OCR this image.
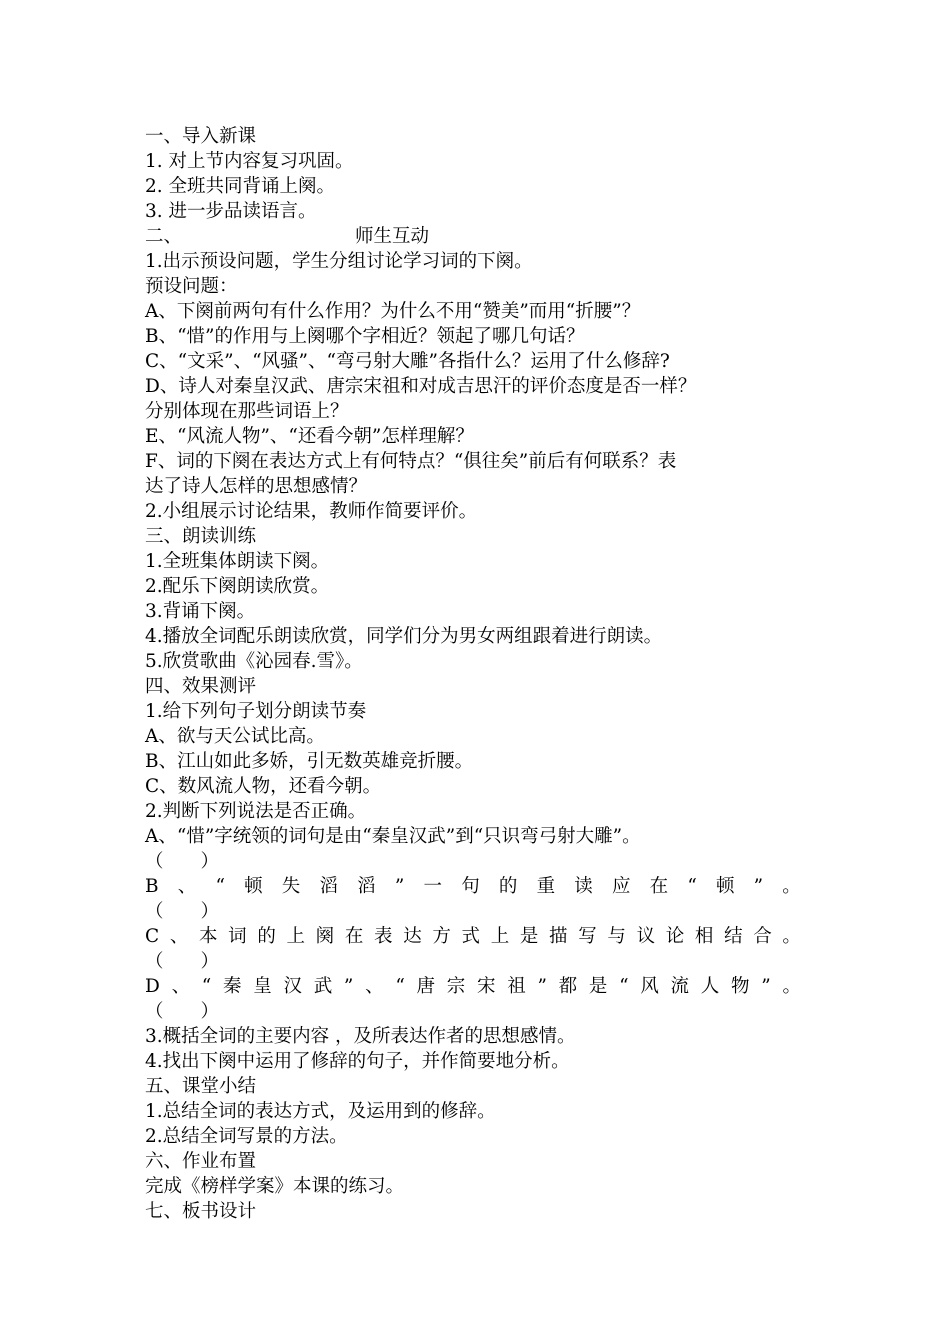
一、导入新课
1. 对上节内容复习巩固。
2. 全班共同背诵上阕。
3. 进一步品读语言。
二、	师生互动
1.出示预设问题，学生分组讨论学习词的下阕。
预设问题：
A、下阕前两句有什么作用？为什么不用“赞美”而用“折腰”？
B、“惜”的作用与上阕哪个字相近？领起了哪几句话？
C、“文采”、“风骚”、“弯弓射大雕”各指什么？运用了什么修辞?
D、诗人对秦皇汉武、唐宗宋祖和对成吉思汗的评价态度是否一样？
分别体现在那些词语上？
E、“风流人物”、“还看今朝”怎样理解？
F、词的下阕在表达方式上有何特点？“俱往矣”前后有何联系？表
达了诗人怎样的思想感情？
2.小组展示讨论结果，教师作简要评价。
三、朗读训练
1.全班集体朗读下阕。
2.配乐下阕朗读欣赏。
3.背诵下阕。
4.播放全词配乐朗读欣赏，同学们分为男女两组跟着进行朗读。
5.欣赏歌曲《沁园春.雪》。
四、效果测评
1.给下列句子划分朗读节奏
A、欲与天公试比高。
B、江山如此多娇，引无数英雄竞折腰。
C、数风流人物，还看今朝。
2.判断下列说法是否正确。
A、“惜”字统领的词句是由“秦皇汉武”到“只识弯弓射大雕”。
（　　）
B 、 “ 顿 失 滔 滔 ” 一 句 的 重 读 应 在 “ 顿 ” 。
（　　）
C 、 本 词 的 上 阕 在 表 达 方 式 上 是 描 写 与 议 论 相 结 合 。
（　　）
D 、 “ 秦 皇 汉 武 ” 、 “ 唐 宗 宋 祖 ” 都 是 “ 风 流 人 物 ” 。
（　　）
3.概括全词的主要内容 ，及所表达作者的思想感情。
4.找出下阕中运用了修辞的句子，并作简要地分析。
五、课堂小结
1.总结全词的表达方式，及运用到的修辞。
2.总结全词写景的方法。
六、作业布置
完成《榜样学案》本课的练习。
七、板书设计
